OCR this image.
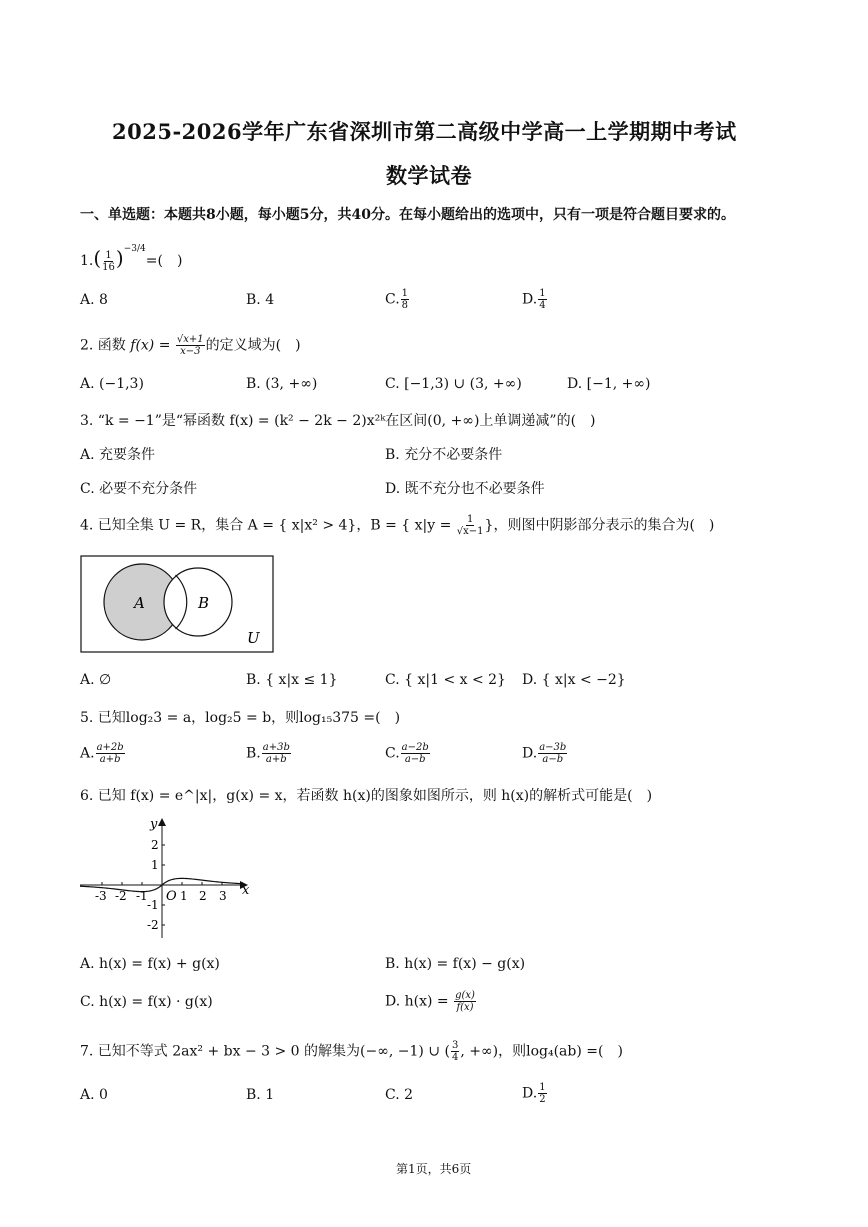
2025-2026学年广东省深圳市第二高级中学高一上学期期中考试
数学试卷
一、单选题：本题共8小题，每小题5分，共40分。在每小题给出的选项中，只有一项是符合题目要求的。
$1.( \frac{1}{16} )^{-3/4}=$(　)
A. 8	B. 4	C. $\frac{1}{8}$	D. $\frac{1}{4}$
2. 函数 $f(x) = \frac{√x+1}{x-3}$ 的定义域为(　)
A. (−1,3)	B. (3, +∞)	C. [−1,3) ∪ (3, +∞)	D. [−1, +∞)
3. “k = −1”是“幂函数 f(x) = (k² − 2k − 2)x²ᵏ在区间(0, +∞)上单调递减”的(　)
A. 充要条件	B. 充分不必要条件
C. 必要不充分条件	D. 既不充分也不必要条件
4. 已知全集 U = R，集合 A = { x|x² > 4}，B = { $x|y = \frac{1}{√x-1}$ }，则图中阴影部分表示的集合为(　)
A	B
U
A. ∅	B. { x|x ≤ 1}	C. { x|1 < x < 2} D. { x|x < −2}
5. 已知log₂3 = a，log₂5 = b，则log₁₅375 =(　)
A. $\frac{a+2b}{a+b}$	B. $\frac{a+3b}{a+b}$	C. $\frac{a-2b}{a-b}$	D. $\frac{a-3b}{a-b}$
6. 已知 f(x) = e^|x|，g(x) = x，若函数 h(x)的图象如图所示，则 h(x)的解析式可能是(　)
y
x
O
-3 -2 -1	1 2 3
2
1
-1
-2
A. h(x) = f(x) + g(x)	B. h(x) = f(x) − g(x)
C. h(x) = f(x) · g(x)	D. $h(x) = \frac{g(x)}{f(x)}$
7. 已知不等式 2ax² + bx − 3 > 0 的解集为(−∞, −1) ∪ ( $\frac{3}{4}$ , +∞)，则log₄(ab) =(　)
A. 0	B. 1	C. 2	D. $\frac{1}{2}$
第1页，共6页
